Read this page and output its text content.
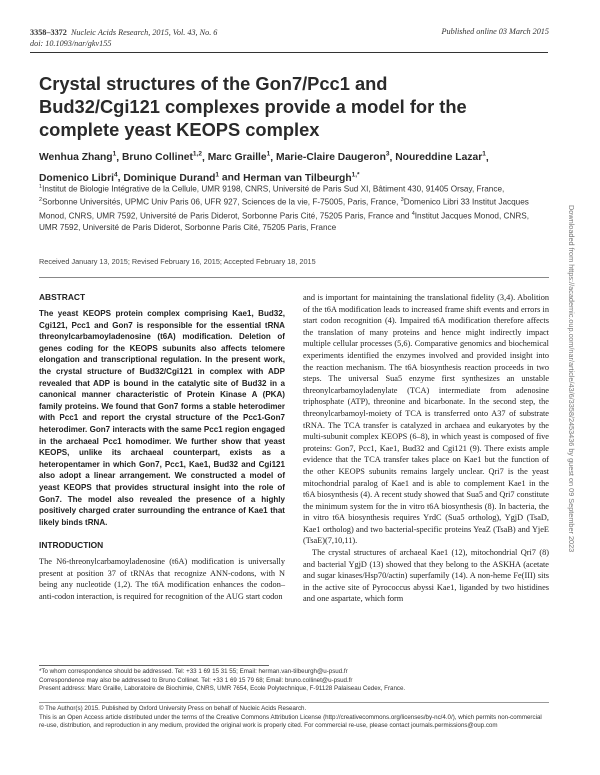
3358–3372 Nucleic Acids Research, 2015, Vol. 43, No. 6
doi: 10.1093/nar/gkv155
Published online 03 March 2015
Crystal structures of the Gon7/Pcc1 and Bud32/Cgi121 complexes provide a model for the complete yeast KEOPS complex
Wenhua Zhang$^1$, Bruno Collinet$^{1,2}$, Marc Graille$^1$, Marie-Claire Daugeron$^3$, Noureddine Lazar$^1$, Domenico Libri$^4$, Dominique Durand$^1$ and Herman van Tilbeurgh$^{1,*}$
$^1$Institut de Biologie Intégrative de la Cellule, UMR 9198, CNRS, Université de Paris Sud XI, Bâtiment 430, 91405 Orsay, France, $^2$Sorbonne Universités, UPMC Univ Paris 06, UFR 927, Sciences de la vie, F-75005, Paris, France, $^3$Domenico Libri 33 Institut Jacques Monod, CNRS, UMR 7592, Université de Paris Diderot, Sorbonne Paris Cité, 75205 Paris, France and $^4$Institut Jacques Monod, CNRS, UMR 7592, Université de Paris Diderot, Sorbonne Paris Cité, 75205 Paris, France
Received January 13, 2015; Revised February 16, 2015; Accepted February 18, 2015
ABSTRACT

The yeast KEOPS protein complex comprising Kae1, Bud32, Cgi121, Pcc1 and Gon7 is responsible for the essential tRNA threonylcarbamoyladenosine (t6A) modification. Deletion of genes coding for the KEOPS subunits also affects telomere elongation and transcriptional regulation. In the present work, the crystal structure of Bud32/Cgi121 in complex with ADP revealed that ADP is bound in the catalytic site of Bud32 in a canonical manner characteristic of Protein Kinase A (PKA) family proteins. We found that Gon7 forms a stable heterodimer with Pcc1 and report the crystal structure of the Pcc1-Gon7 heterodimer. Gon7 interacts with the same Pcc1 region engaged in the archaeal Pcc1 homodimer. We further show that yeast KEOPS, unlike its archaeal counterpart, exists as a heteropentamer in which Gon7, Pcc1, Kae1, Bud32 and Cgi121 also adopt a linear arrangement. We constructed a model of yeast KEOPS that provides structural insight into the role of Gon7. The model also revealed the presence of a highly positively charged crater surrounding the entrance of Kae1 that likely binds tRNA.

INTRODUCTION

The N6-threonylcarbamoyladenosine (t6A) modification is universally present at position 37 of tRNAs that recognize ANN-codons, with N being any nucleotide (1,2). The t6A modification enhances the codon–anti-codon interaction, is required for recognition of the AUG start codon

and is important for maintaining the translational fidelity (3,4). Abolition of the t6A modification leads to increased frame shift events and errors in start codon recognition (4). Impaired t6A modification therefore affects the translation of many proteins and hence might indirectly impact multiple cellular processes (5,6). Comparative genomics and biochemical experiments identified the enzymes involved and provided insight into the reaction mechanism. The t6A biosynthesis reaction proceeds in two steps. The universal Sua5 enzyme first synthesizes an unstable threonylcarbamoyladenylate (TCA) intermediate from adenosine triphosphate (ATP), threonine and bicarbonate. In the second step, the threonylcarbamoyl-moiety of TCA is transferred onto A37 of substrate tRNA. The TCA transfer is catalyzed in archaea and eukaryotes by the multi-subunit complex KEOPS (6–8), in which yeast is composed of five proteins: Gon7, Pcc1, Kae1, Bud32 and Cgi121 (9). There exists ample evidence that the TCA transfer takes place on Kae1 but the function of the other KEOPS subunits remains largely unclear. Qri7 is the yeast mitochondrial paralog of Kae1 and is able to complement Kae1 in the t6A biosynthesis (4). A recent study showed that Sua5 and Qri7 constitute the minimum system for the in vitro t6A biosynthesis (8). In bacteria, the in vitro t6A biosynthesis requires YrdC (Sua5 ortholog), YgjD (TsaD, Kae1 ortholog) and two bacterial-specific proteins YeaZ (TsaB) and YjeE (TsaE)(7,10,11).

The crystal structures of archaeal Kae1 (12), mitochondrial Qri7 (8) and bacterial YgjD (13) showed that they belong to the ASKHA (acetate and sugar kinases/Hsp70/actin) superfamily (14). A non-heme Fe(III) sits in the active site of Pyrococcus abyssi Kae1, liganded by two histidines and one aspartate, which form

*To whom correspondence should be addressed. Tel: +33 1 69 15 31 55; Email: herman.van-tilbeurgh@u-psud.fr
Correspondence may also be addressed to Bruno Collinet. Tel: +33 1 69 15 79 68; Email: bruno.collinet@u-psud.fr
Present address: Marc Graille, Laboratoire de Biochimie, CNRS, UMR 7654, Ecole Polytechnique, F-91128 Palaiseau Cedex, France.
© The Author(s) 2015. Published by Oxford University Press on behalf of Nucleic Acids Research.
This is an Open Access article distributed under the terms of the Creative Commons Attribution License (http://creativecommons.org/licenses/by-nc/4.0/), which permits non-commercial re-use, distribution, and reproduction in any medium, provided the original work is properly cited. For commercial re-use, please contact journals.permissions@oup.com
Downloaded from https://academic.oup.com/nar/article/43/6/3358/2453436 by guest on 09 September 2023
